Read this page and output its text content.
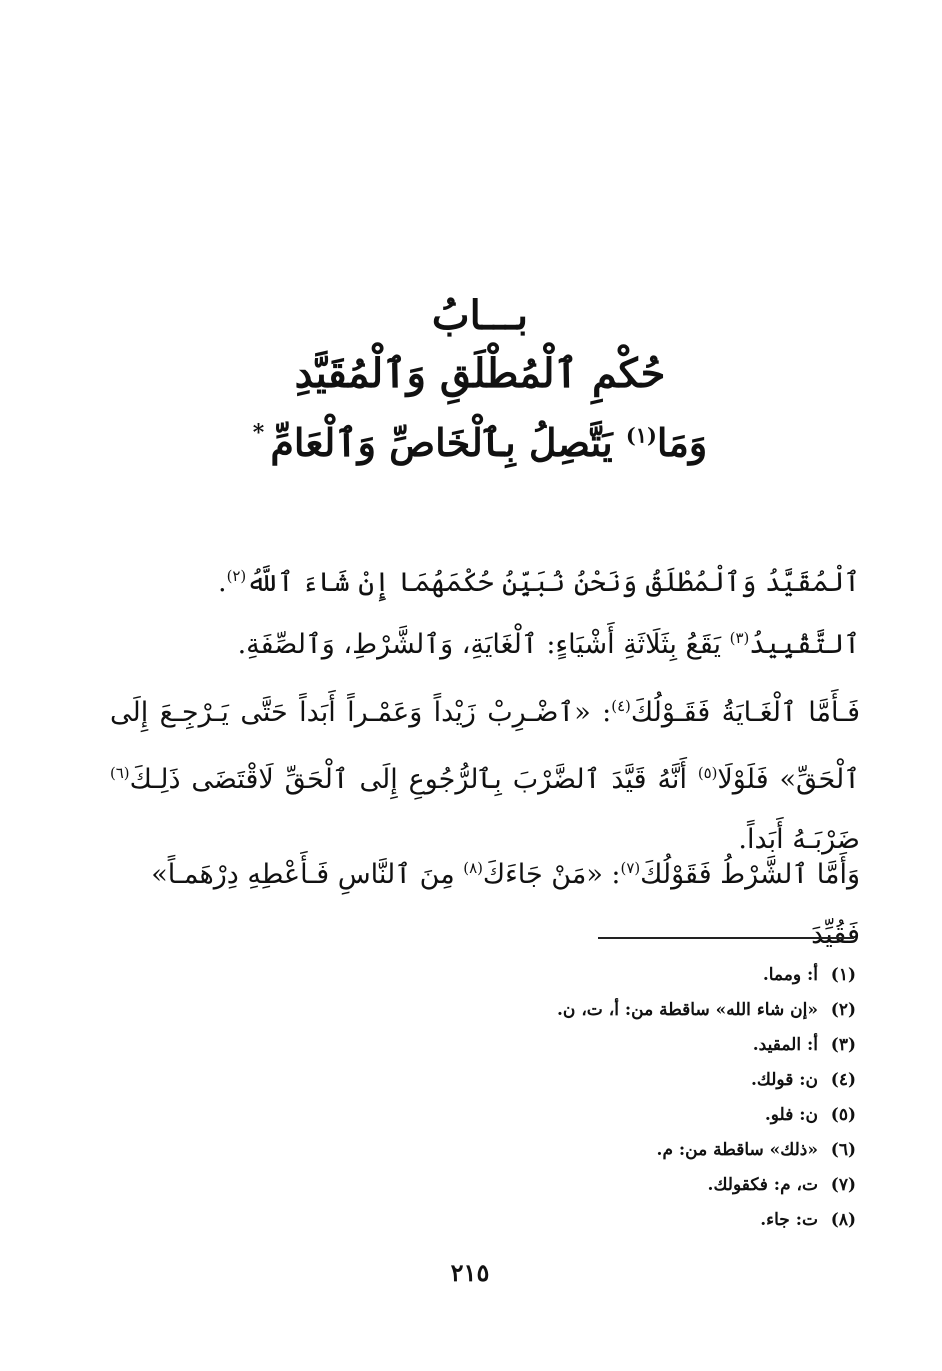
بـــابُ
حُكْمِ ٱلْمُطْلَقِ وَٱلْمُقَيَّدِ
وَمَا$^{(١)}$ يَتَّصِلُ بِٱلْخَاصِّ وَٱلْعَامِّ*
ٱلْمُقَيَّدُ وَٱلْمُطْلَقُ وَنَحْنُ نُبَيِّنُ حُكْمَهُمَا إِنْ شَاءَ ٱللَّهُ$^{(٢)}$.
ٱلتَّقْيِيدُ$^{(٣)}$ يَقَعُ بِثَلَاثَةِ أَشْيَاءٍ: ٱلْغَايَةِ، وَٱلشَّرْطِ، وَٱلصِّفَةِ.
فَـأَمَّا ٱلْغَـايَةُ فَقَـوْلُكَ$^{(٤)}$: «ٱضْـرِبْ زَيْداً وَعَمْـراً أَبَداً حَتَّى يَـرْجِـعَ إِلَى ٱلْحَقِّ» فَلَوْلَا$^{(٥)}$ أَنَّهُ قَيَّدَ ٱلضَّرْبَ بِٱلرُّجُوعِ إِلَى ٱلْحَقِّ لَاقْتَضَى ذَلِـكَ$^{(٦)}$ ضَرْبَـهُ أَبَداً.
وَأَمَّا ٱلشَّرْطُ فَقَوْلُكَ$^{(٧)}$: «مَنْ جَاءَكَ$^{(٨)}$ مِنَ ٱلنَّاسِ فَـأَعْطِهِ دِرْهَمـاً» فَقُيِّدَ
(١)أ: ومما.
(٢)«إن شاء الله» ساقطة من: أ، ت، ن.
(٣)أ: المقيد.
(٤)ن: قولك.
(٥)ن: فلو.
(٦)«ذلك» ساقطة من: م.
(٧)ت، م: فكقولك.
(٨)ت: جاء.
٢١٥
